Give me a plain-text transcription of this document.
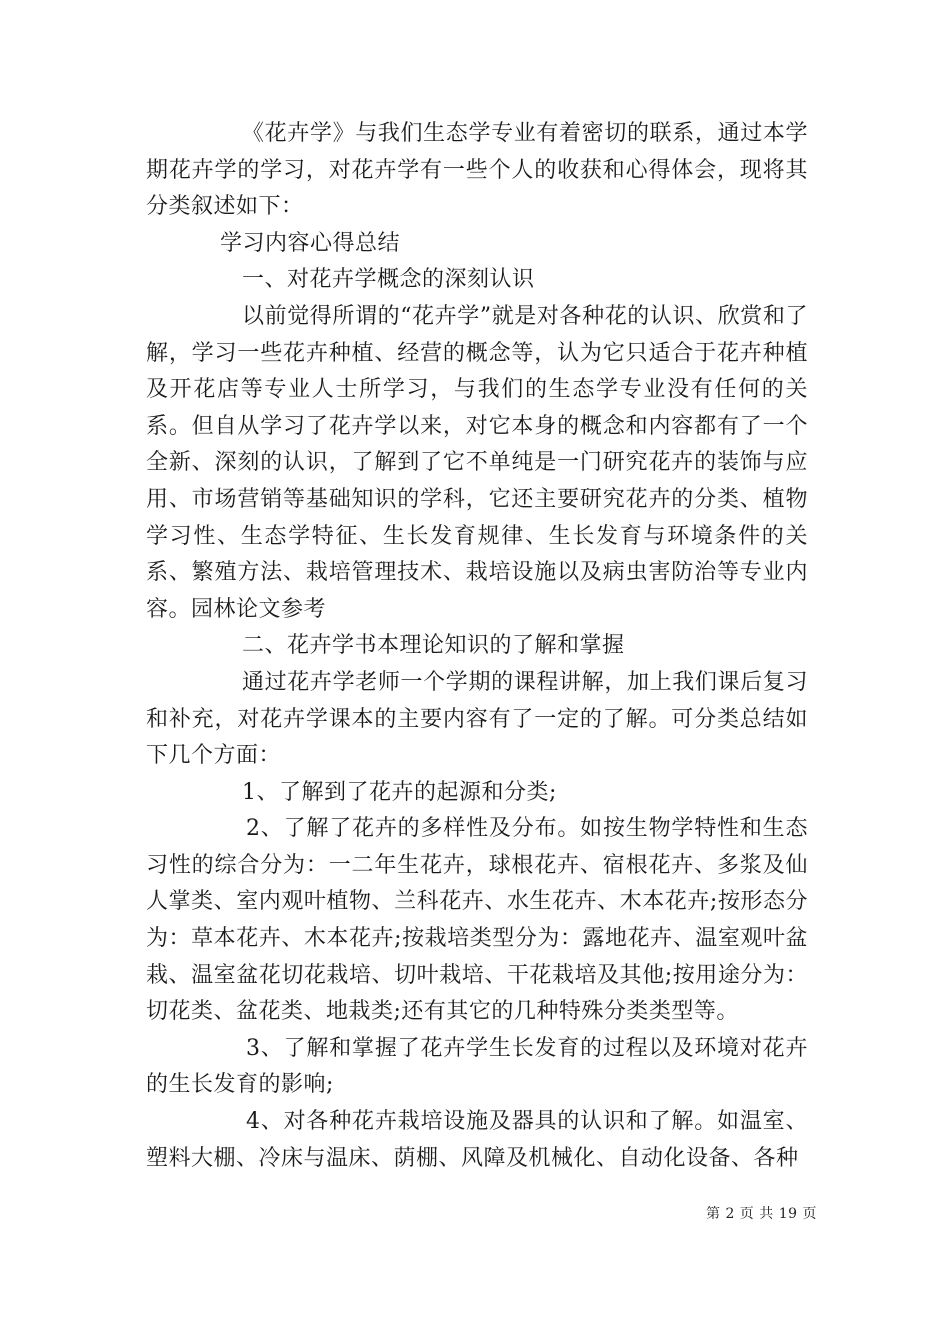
《花卉学》与我们生态学专业有着密切的联系，通过本学期花卉学的学习，对花卉学有一些个人的收获和心得体会，现将其分类叙述如下：

学习内容心得总结

一、对花卉学概念的深刻认识

以前觉得所谓的“花卉学”就是对各种花的认识、欣赏和了解，学习一些花卉种植、经营的概念等，认为它只适合于花卉种植及开花店等专业人士所学习，与我们的生态学专业没有任何的关系。但自从学习了花卉学以来，对它本身的概念和内容都有了一个全新、深刻的认识，了解到了它不单纯是一门研究花卉的装饰与应用、市场营销等基础知识的学科，它还主要研究花卉的分类、植物学习性、生态学特征、生长发育规律、生长发育与环境条件的关系、繁殖方法、栽培管理技术、栽培设施以及病虫害防治等专业内容。园林论文参考

二、花卉学书本理论知识的了解和掌握

通过花卉学老师一个学期的课程讲解，加上我们课后复习和补充，对花卉学课本的主要内容有了一定的了解。可分类总结如下几个方面：

1、了解到了花卉的起源和分类;

2、了解了花卉的多样性及分布。如按生物学特性和生态习性的综合分为：一二年生花卉，球根花卉、宿根花卉、多浆及仙人掌类、室内观叶植物、兰科花卉、水生花卉、木本花卉;按形态分为：草本花卉、木本花卉;按栽培类型分为：露地花卉、温室观叶盆栽、温室盆花切花栽培、切叶栽培、干花栽培及其他;按用途分为：切花类、盆花类、地栽类;还有其它的几种特殊分类类型等。

3、了解和掌握了花卉学生长发育的过程以及环境对花卉的生长发育的影响;

4、对各种花卉栽培设施及器具的认识和了解。如温室、塑料大棚、冷床与温床、荫棚、风障及机械化、自动化设备、各种

第 2 页 共 19 页
